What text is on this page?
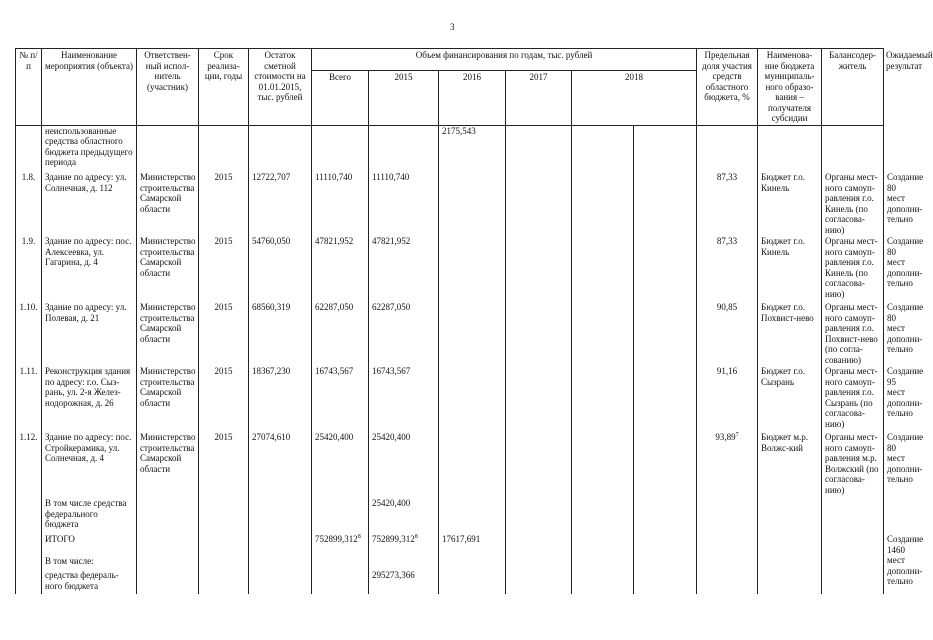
3
№ п/п	Наименование мероприятия (объекта)	Ответствен-ный испол-нитель (участник)	Срок реализа-ции, годы	Остаток сметной стоимости на 01.01.2015, тыс. рублей	Объем финансирования по годам, тыс. рублей						Предельная доля участия средств областного бюджета, %	Наименова-ние бюджета муниципаль-ного образо-вания – получателя субсидии	Балансодер-житель	Ожидаемый результат
					Всего	2015	2016	2017	2018					
	неиспользованные средства областного бюджета предыдущего периода						2175,543							
1.8.	Здание по адресу: ул. Солнечная, д. 112	Министерство строительства Самарской области	2015	12722,707	11110,740	11110,740					87,33	Бюджет г.о. Кинель	Органы мест-ного самоуп-равления г.о. Кинель (по согласова-нию)	Создание 80 мест дополни-тельно
1.9.	Здание по адресу: пос. Алексеевка, ул. Гагарина, д. 4	Министерство строительства Самарской области	2015	54760,050	47821,952	47821,952					87,33	Бюджет г.о. Кинель	Органы мест-ного самоуп-равления г.о. Кинель (по согласова-нию)	Создание 80 мест дополни-тельно
1.10.	Здание по адресу: ул. Полевая, д. 21	Министерство строительства Самарской области	2015	68560,319	62287,050	62287,050					90,85	Бюджет г.о. Похвист-нево	Органы мест-ного самоуп-равления г.о. Похвист-нево (по согла-сованию)	Создание 80 мест дополни-тельно
1.11.	Реконструкция здания по адресу: г.о. Сыз-рань, ул. 2-я Желез-нодорожная, д. 26	Министерство строительства Самарской области	2015	18367,230	16743,567	16743,567					91,16	Бюджет г.о. Сызрань	Органы мест-ного самоуп-равления г.о. Сызрань (по согласова-нию)	Создание 95 мест дополни-тельно
1.12.	Здание по адресу: пос. Стройкерамика, ул. Солнечная, д. 4	Министерство строительства Самарской области	2015	27074,610	25420,400	25420,400					93,89$^7$	Бюджет м.р. Волжс-кий	Органы мест-ного самоуп-равления м.р. Волжский (по согласова-нию)	Создание 80 мест дополни-тельно
	В том числе средства федерального бюджета					25420,400								
	ИТОГО				752899,312$^8$	752899,312$^8$	17617,691							Создание 1460 мест дополни-тельно
	В том числе:													
	средства федераль-ного бюджета					295273,366								
